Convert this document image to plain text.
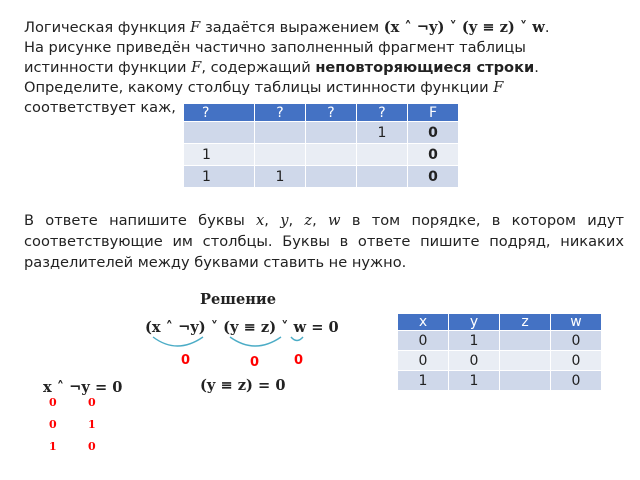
Логическая функция F задаётся выражением (x ˄ ¬y) ˅ (y ≡ z) ˅ w.
На рисунке приведён частично заполненный фрагмент таблицы
истинности функции F, содержащий неповторяющиеся строки.
Определите, какому столбцу таблицы истинности функции F
соответствует каж,	?	?	?	?	F
			1	0
1				0
1	1			0

В ответе напишите буквы x, y, z, w в том порядке, в котором идут соответствующие им столбцы. Буквы в ответе пишите подряд, никаких разделителей между буквами ставить не нужно.

Решение
(x ˄ ¬y) ˅ (y ≡ z) ˅ w = 0
0	0	0
x ˄ ¬y = 0	(y ≡ z) = 0
0	0
0	1
1	0
x	y	z	w
0	1		0
0	0		0
1	1		0
